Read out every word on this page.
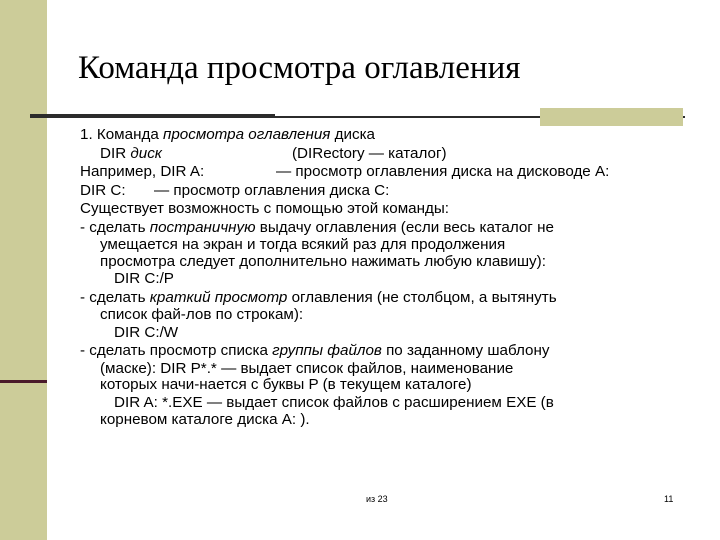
Команда просмотра оглавления
1. Команда просмотра оглавления диска
DIR диск	(DIRectory — каталог)
Например, DIR A:	— просмотр оглавления диска на дисководе А:
DIR C: — просмотр оглавления диска С:
Существует возможность с помощью этой команды:
- сделать постраничную выдачу оглавления (если весь каталог не
умещается на экран и тогда всякий раз для продолжения
просмотра следует дополнительно нажимать любую клавишу):
DIR C:/P
- сделать краткий просмотр оглавления (не столбцом, а вытянуть
список фай-лов по строкам):
DIR C:/W
- сделать просмотр списка группы файлов по заданному шаблону
(маске): DIR P*.* — выдает список файлов, наименование
которых начи-нается с буквы P (в текущем каталоге)
DIR A: *.EXE — выдает список файлов с расширением EXE (в
корневом каталоге диска А: ).
из 23	11
